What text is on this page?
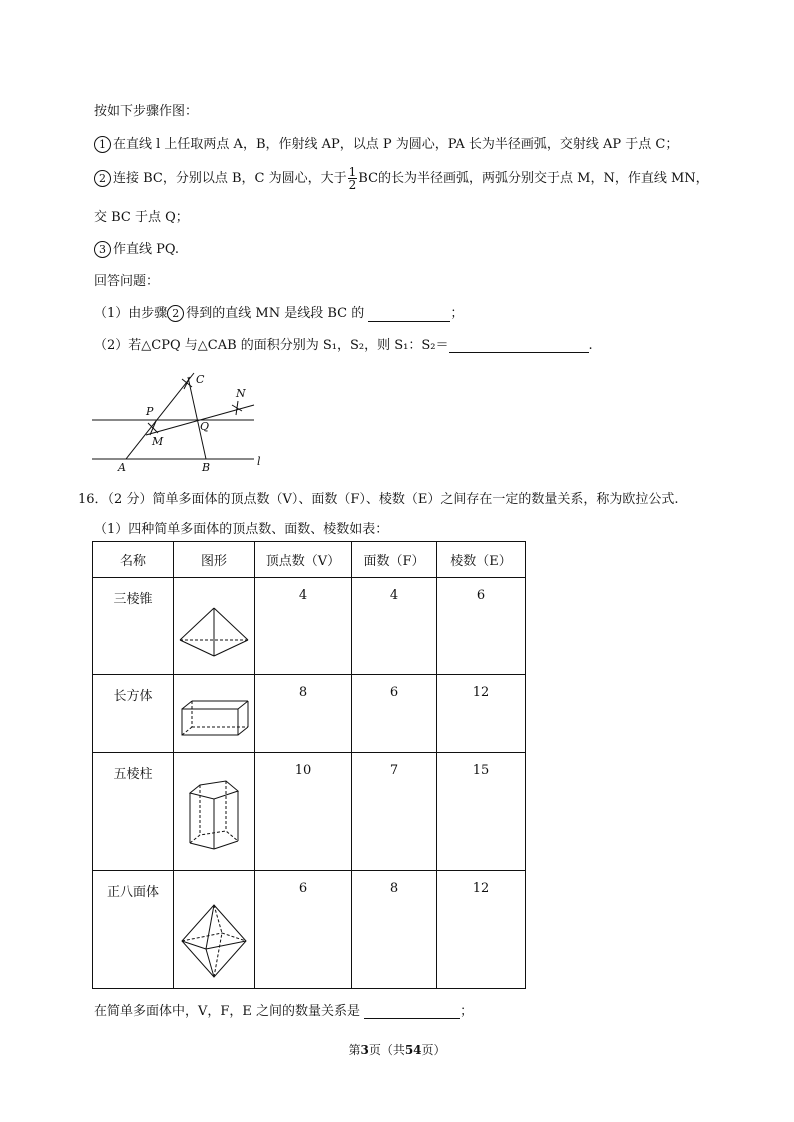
按如下步骤作图：
1 在直线 l 上任取两点 A，B，作射线 AP，以点 P 为圆心，PA 长为半径画弧，交射线 AP 于点 C；
2 连接 BC，分别以点 B，C 为圆心，大于 $\frac{1}{2}$ BC的长为半径画弧，两弧分别交于点 M，N，作直线 MN，
交 BC 于点 Q；
3 作直线 PQ.
回答问题：
（1）由步骤 2 得到的直线 MN 是线段 BC 的	；
（2）若△CPQ 与△CAB 的面积分别为 S₁，S₂，则 S₁：S₂＝	.
C
N
P
Q
M
A	B	l
16．（2 分）简单多面体的顶点数（V）、面数（F）、棱数（E）之间存在一定的数量关系，称为欧拉公式.
（1）四种简单多面体的顶点数、面数、棱数如表：
名称	图形	顶点数（V）	面数（F）	棱数（E）
三棱锥		4	4	6
长方体		8	6	12
五棱柱		10	7	15
正八面体		6	8	12
在简单多面体中，V，F，E 之间的数量关系是	；
第3页（共54页）
